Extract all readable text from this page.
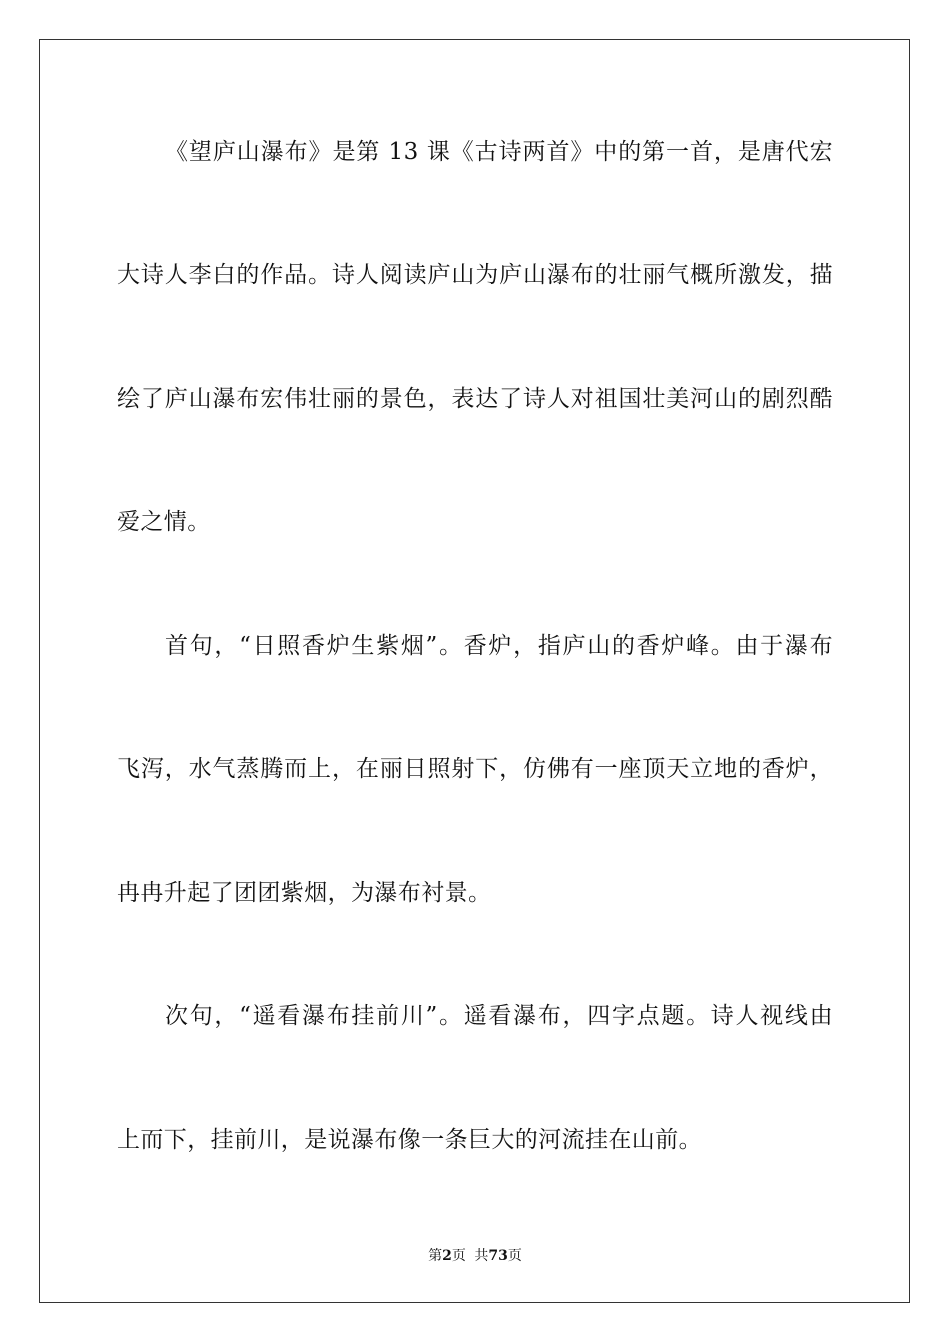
《望庐山瀑布》是第 13 课《古诗两首》中的第一首，是唐代宏
大诗人李白的作品。诗人阅读庐山为庐山瀑布的壮丽气概所激发，描
绘了庐山瀑布宏伟壮丽的景色，表达了诗人对祖国壮美河山的剧烈酷
爱之情。
首句，“日照香炉生紫烟”。香炉，指庐山的香炉峰。由于瀑布
飞泻，水气蒸腾而上，在丽日照射下，仿佛有一座顶天立地的香炉，
冉冉升起了团团紫烟，为瀑布衬景。
次句，“遥看瀑布挂前川”。遥看瀑布，四字点题。诗人视线由
上而下，挂前川，是说瀑布像一条巨大的河流挂在山前。
第2页 共73页
